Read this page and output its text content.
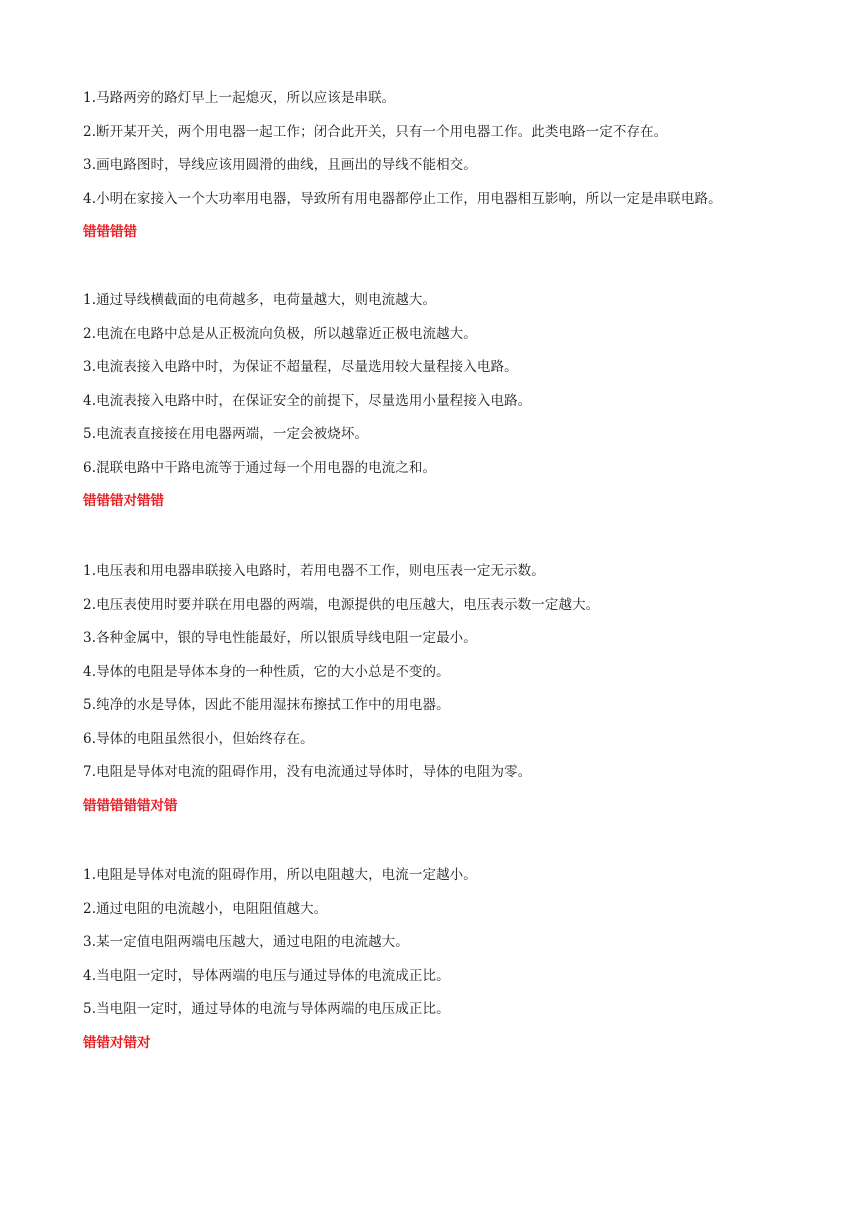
1.马路两旁的路灯早上一起熄灭，所以应该是串联。
2.断开某开关，两个用电器一起工作；闭合此开关，只有一个用电器工作。此类电路一定不存在。
3.画电路图时，导线应该用圆滑的曲线，且画出的导线不能相交。
4.小明在家接入一个大功率用电器，导致所有用电器都停止工作，用电器相互影响，所以一定是串联电路。
错错错错
1.通过导线横截面的电荷越多，电荷量越大，则电流越大。
2.电流在电路中总是从正极流向负极，所以越靠近正极电流越大。
3.电流表接入电路中时，为保证不超量程，尽量选用较大量程接入电路。
4.电流表接入电路中时，在保证安全的前提下，尽量选用小量程接入电路。
5.电流表直接接在用电器两端，一定会被烧坏。
6.混联电路中干路电流等于通过每一个用电器的电流之和。
错错错对错错
1.电压表和用电器串联接入电路时，若用电器不工作，则电压表一定无示数。
2.电压表使用时要并联在用电器的两端，电源提供的电压越大，电压表示数一定越大。
3.各种金属中，银的导电性能最好，所以银质导线电阻一定最小。
4.导体的电阻是导体本身的一种性质，它的大小总是不变的。
5.纯净的水是导体，因此不能用湿抹布擦拭工作中的用电器。
6.导体的电阻虽然很小，但始终存在。
7.电阻是导体对电流的阻碍作用，没有电流通过导体时，导体的电阻为零。
错错错错错对错
1.电阻是导体对电流的阻碍作用，所以电阻越大，电流一定越小。
2.通过电阻的电流越小，电阻阻值越大。
3.某一定值电阻两端电压越大，通过电阻的电流越大。
4.当电阻一定时，导体两端的电压与通过导体的电流成正比。
5.当电阻一定时，通过导体的电流与导体两端的电压成正比。
错错对错对
